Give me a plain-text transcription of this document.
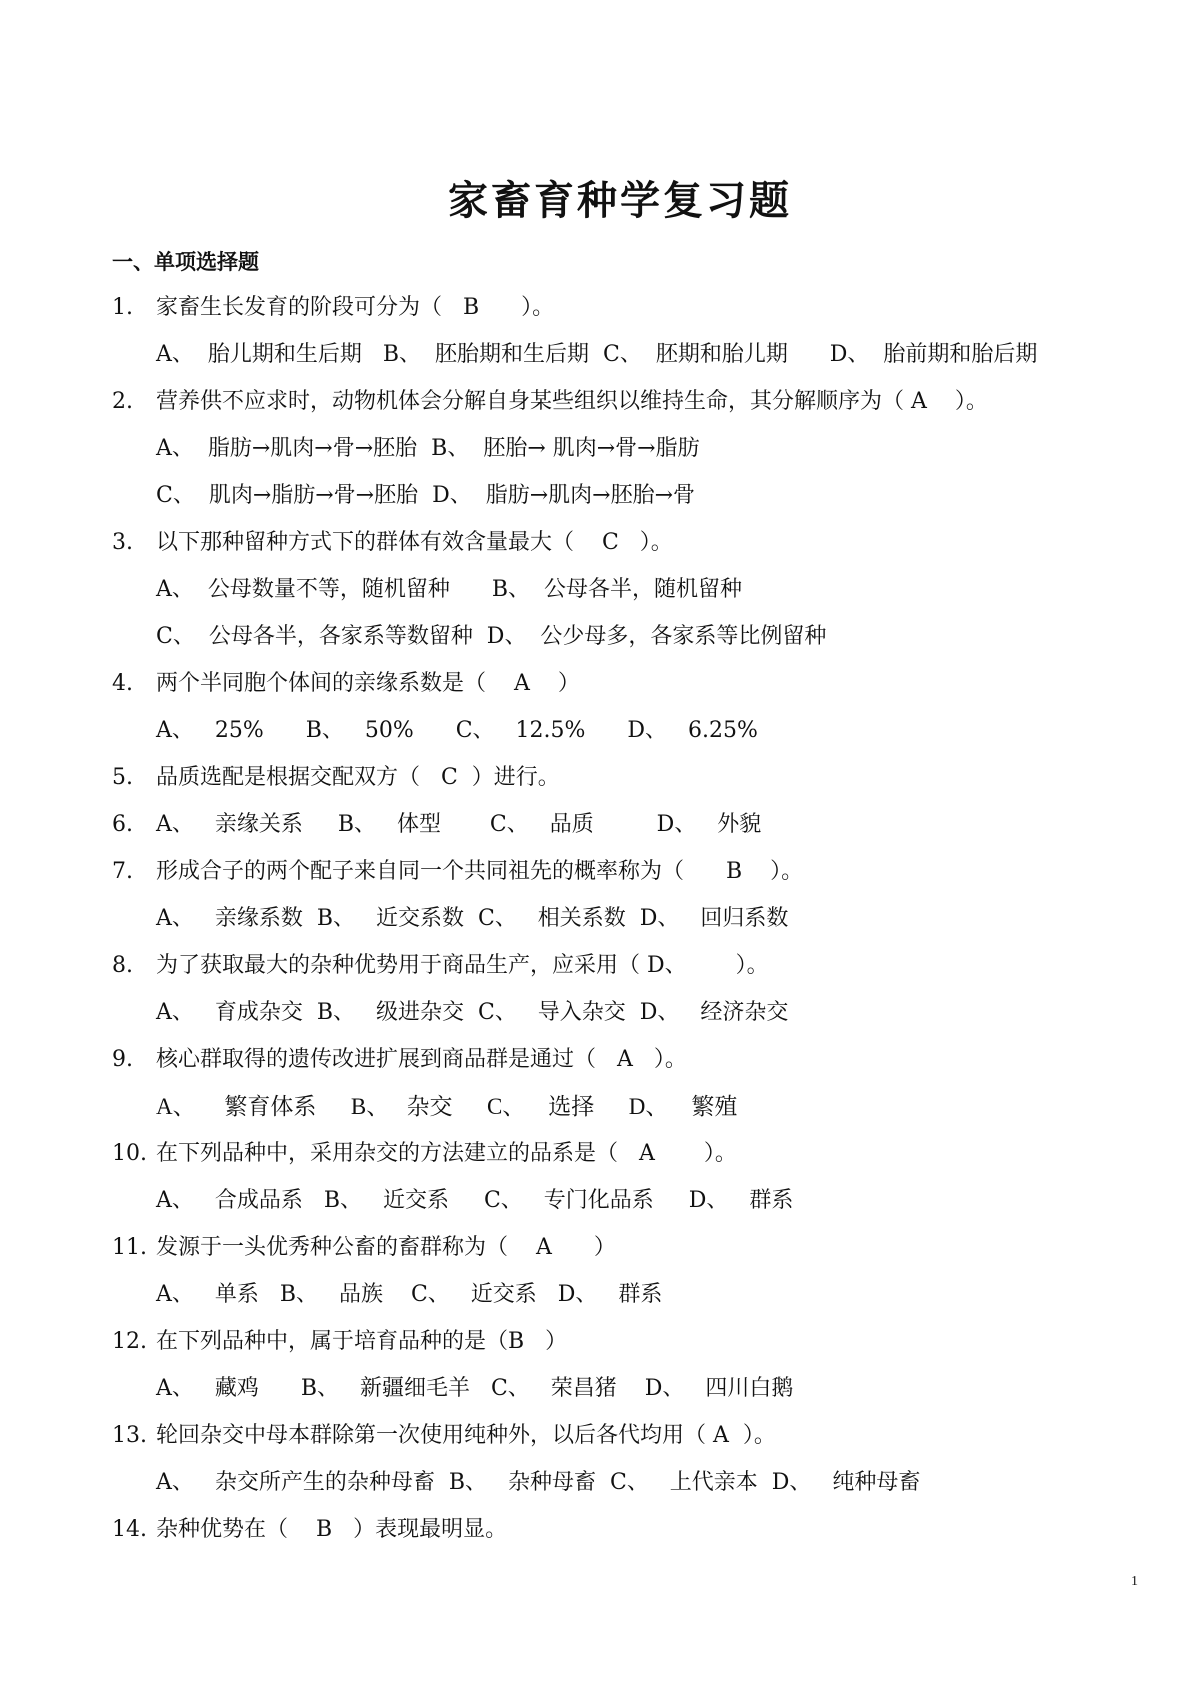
家畜育种学复习题
一、单项选择题
1. 家畜生长发育的阶段可分为（   B      ）。
A、  胎儿期和生后期   B、  胚胎期和生后期  C、  胚期和胎儿期      D、  胎前期和胎后期
2. 营养供不应求时，动物机体会分解自身某些组织以维持生命，其分解顺序为（ A    ）。
A、  脂肪→肌肉→骨→胚胎  B、  胚胎→ 肌肉→骨→脂肪
C、  肌肉→脂肪→骨→胚胎  D、  脂肪→肌肉→胚胎→骨
3. 以下那种留种方式下的群体有效含量最大（    C   ）。
A、  公母数量不等，随机留种      B、  公母各半，随机留种
C、  公母各半，各家系等数留种  D、  公少母多，各家系等比例留种
4. 两个半同胞个体间的亲缘系数是（    A    ）
A、   25%      B、   50%      C、   12.5%      D、   6.25%
5. 品质选配是根据交配双方（   C  ）进行。
6. A、   亲缘关系     B、   体型       C、   品质         D、   外貌
7. 形成合子的两个配子来自同一个共同祖先的概率称为（      B    ）。
A、   亲缘系数  B、   近交系数  C、   相关系数  D、   回归系数
8. 为了获取最大的杂种优势用于商品生产，应采用（ D、       ）。
A、   育成杂交  B、   级进杂交  C、   导入杂交  D、   经济杂交
9. 核心群取得的遗传改进扩展到商品群是通过（   A   ）。
A、     繁育体系      B、   杂交      C、    选择      D、    繁殖
10. 在下列品种中，采用杂交的方法建立的品系是（   A       ）。
A、   合成品系   B、   近交系     C、   专门化品系     D、   群系
11. 发源于一头优秀种公畜的畜群称为（    A      ）
A、   单系   B、   品族    C、   近交系   D、   群系
12. 在下列品种中，属于培育品种的是（B   ）
A、   藏鸡      B、   新疆细毛羊   C、   荣昌猪    D、   四川白鹅
13. 轮回杂交中母本群除第一次使用纯种外，以后各代均用（ A  ）。
A、   杂交所产生的杂种母畜  B、   杂种母畜  C、   上代亲本  D、   纯种母畜
14. 杂种优势在（    B   ）表现最明显。
1
